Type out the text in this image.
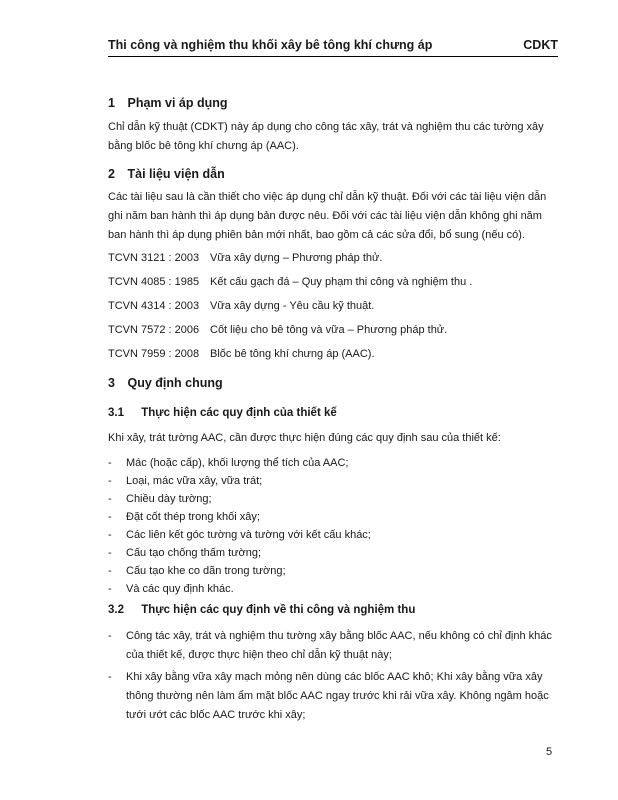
Thi công và nghiệm thu khối xây bê tông khí chưng áp	CDKT
1 Phạm vi áp dụng
Chỉ dẫn kỹ thuật (CDKT) này áp dụng cho công tác xây, trát và nghiệm thu các tường xây bằng blốc bê tông khí chưng áp (AAC).
2 Tài liệu viện dẫn
Các tài liệu sau là cần thiết cho việc áp dụng chỉ dẫn kỹ thuật. Đối với các tài liệu viện dẫn ghi năm ban hành thì áp dụng bản được nêu. Đối với các tài liệu viện dẫn không ghi năm ban hành thì áp dụng phiên bản mới nhất, bao gồm cả các sửa đổi, bổ sung (nếu có).
TCVN 3121 : 2003 Vữa xây dựng – Phương pháp thử.
TCVN 4085 : 1985 Kết cấu gạch đá – Quy phạm thi công và nghiệm thu .
TCVN 4314 : 2003 Vữa xây dựng - Yêu cầu kỹ thuật.
TCVN 7572 : 2006 Cốt liệu cho bê tông và vữa – Phương pháp thử.
TCVN 7959 : 2008 Blốc bê tông khí chưng áp (AAC).
3 Quy định chung
3.1 Thực hiện các quy định của thiết kế
Khi xây, trát tường AAC, cần được thực hiện đúng các quy định sau của thiết kế:
- Mác (hoặc cấp), khối lượng thể tích của AAC;
- Loại, mác vữa xây, vữa trát;
- Chiều dày tường;
- Đặt cốt thép trong khối xây;
- Các liên kết góc tường và tường với kết cấu khác;
- Cấu tạo chống thấm tường;
- Cấu tạo khe co dãn trong tường;
- Và các quy định khác.
3.2 Thực hiện các quy định về thi công và nghiệm thu
- Công tác xây, trát và nghiệm thu tường xây bằng blốc AAC, nếu không có chỉ định khác của thiết kế, được thực hiện theo chỉ dẫn kỹ thuật này;
- Khi xây bằng vữa xây mạch mỏng nên dùng các blốc AAC khô; Khi xây bằng vữa xây thông thường nên làm ẩm mặt blốc AAC ngay trước khi rải vữa xây. Không ngâm hoặc tưới ướt các blốc AAC trước khi xây;
5
